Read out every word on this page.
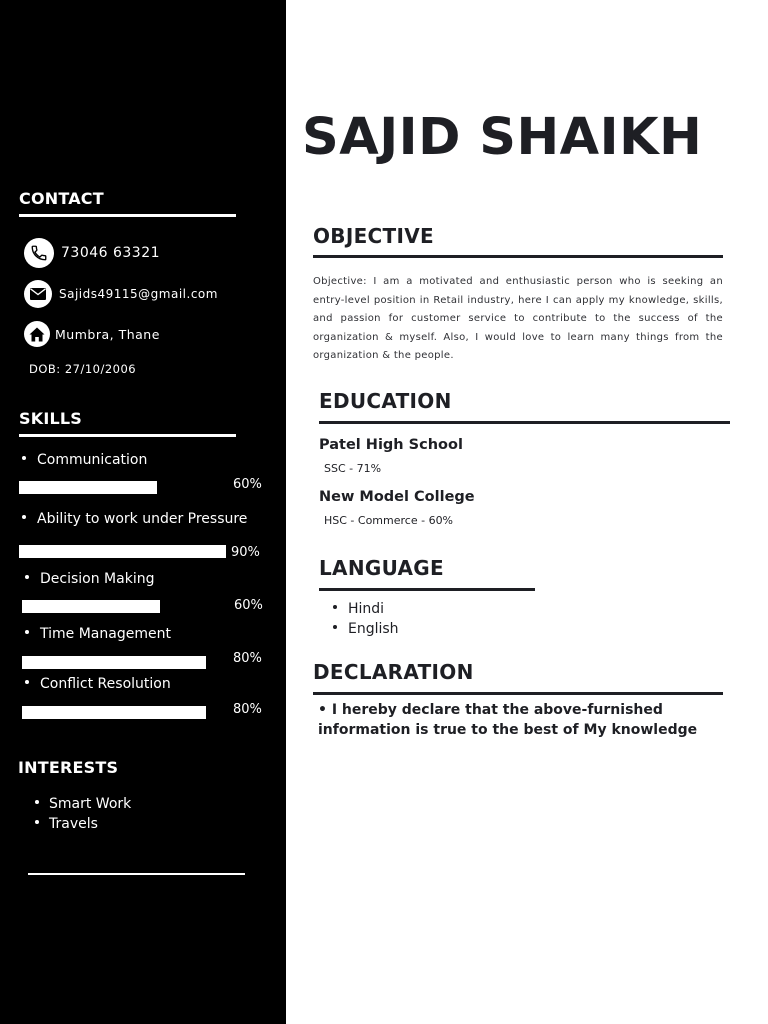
CONTACT
73046 63321
Sajids49115@gmail.com
Mumbra, Thane
DOB: 27/10/2006
SKILLS
Communication
60%
Ability to work under Pressure
90%
Decision Making
60%
Time Management
80%
Conflict Resolution
80%
INTERESTS
Smart Work
Travels
SAJID SHAIKH
OBJECTIVE
Objective: I am a motivated and enthusiastic person who is seeking an entry-level position in Retail industry, here I can apply my knowledge, skills, and passion for customer service to contribute to the success of the organization & myself. Also, I would love to learn many things from the organization & the people.
EDUCATION
Patel High School
SSC - 71%
New Model College
HSC - Commerce - 60%
LANGUAGE
Hindi
English
DECLARATION
• I hereby declare that the above-furnished information is true to the best of My knowledge
